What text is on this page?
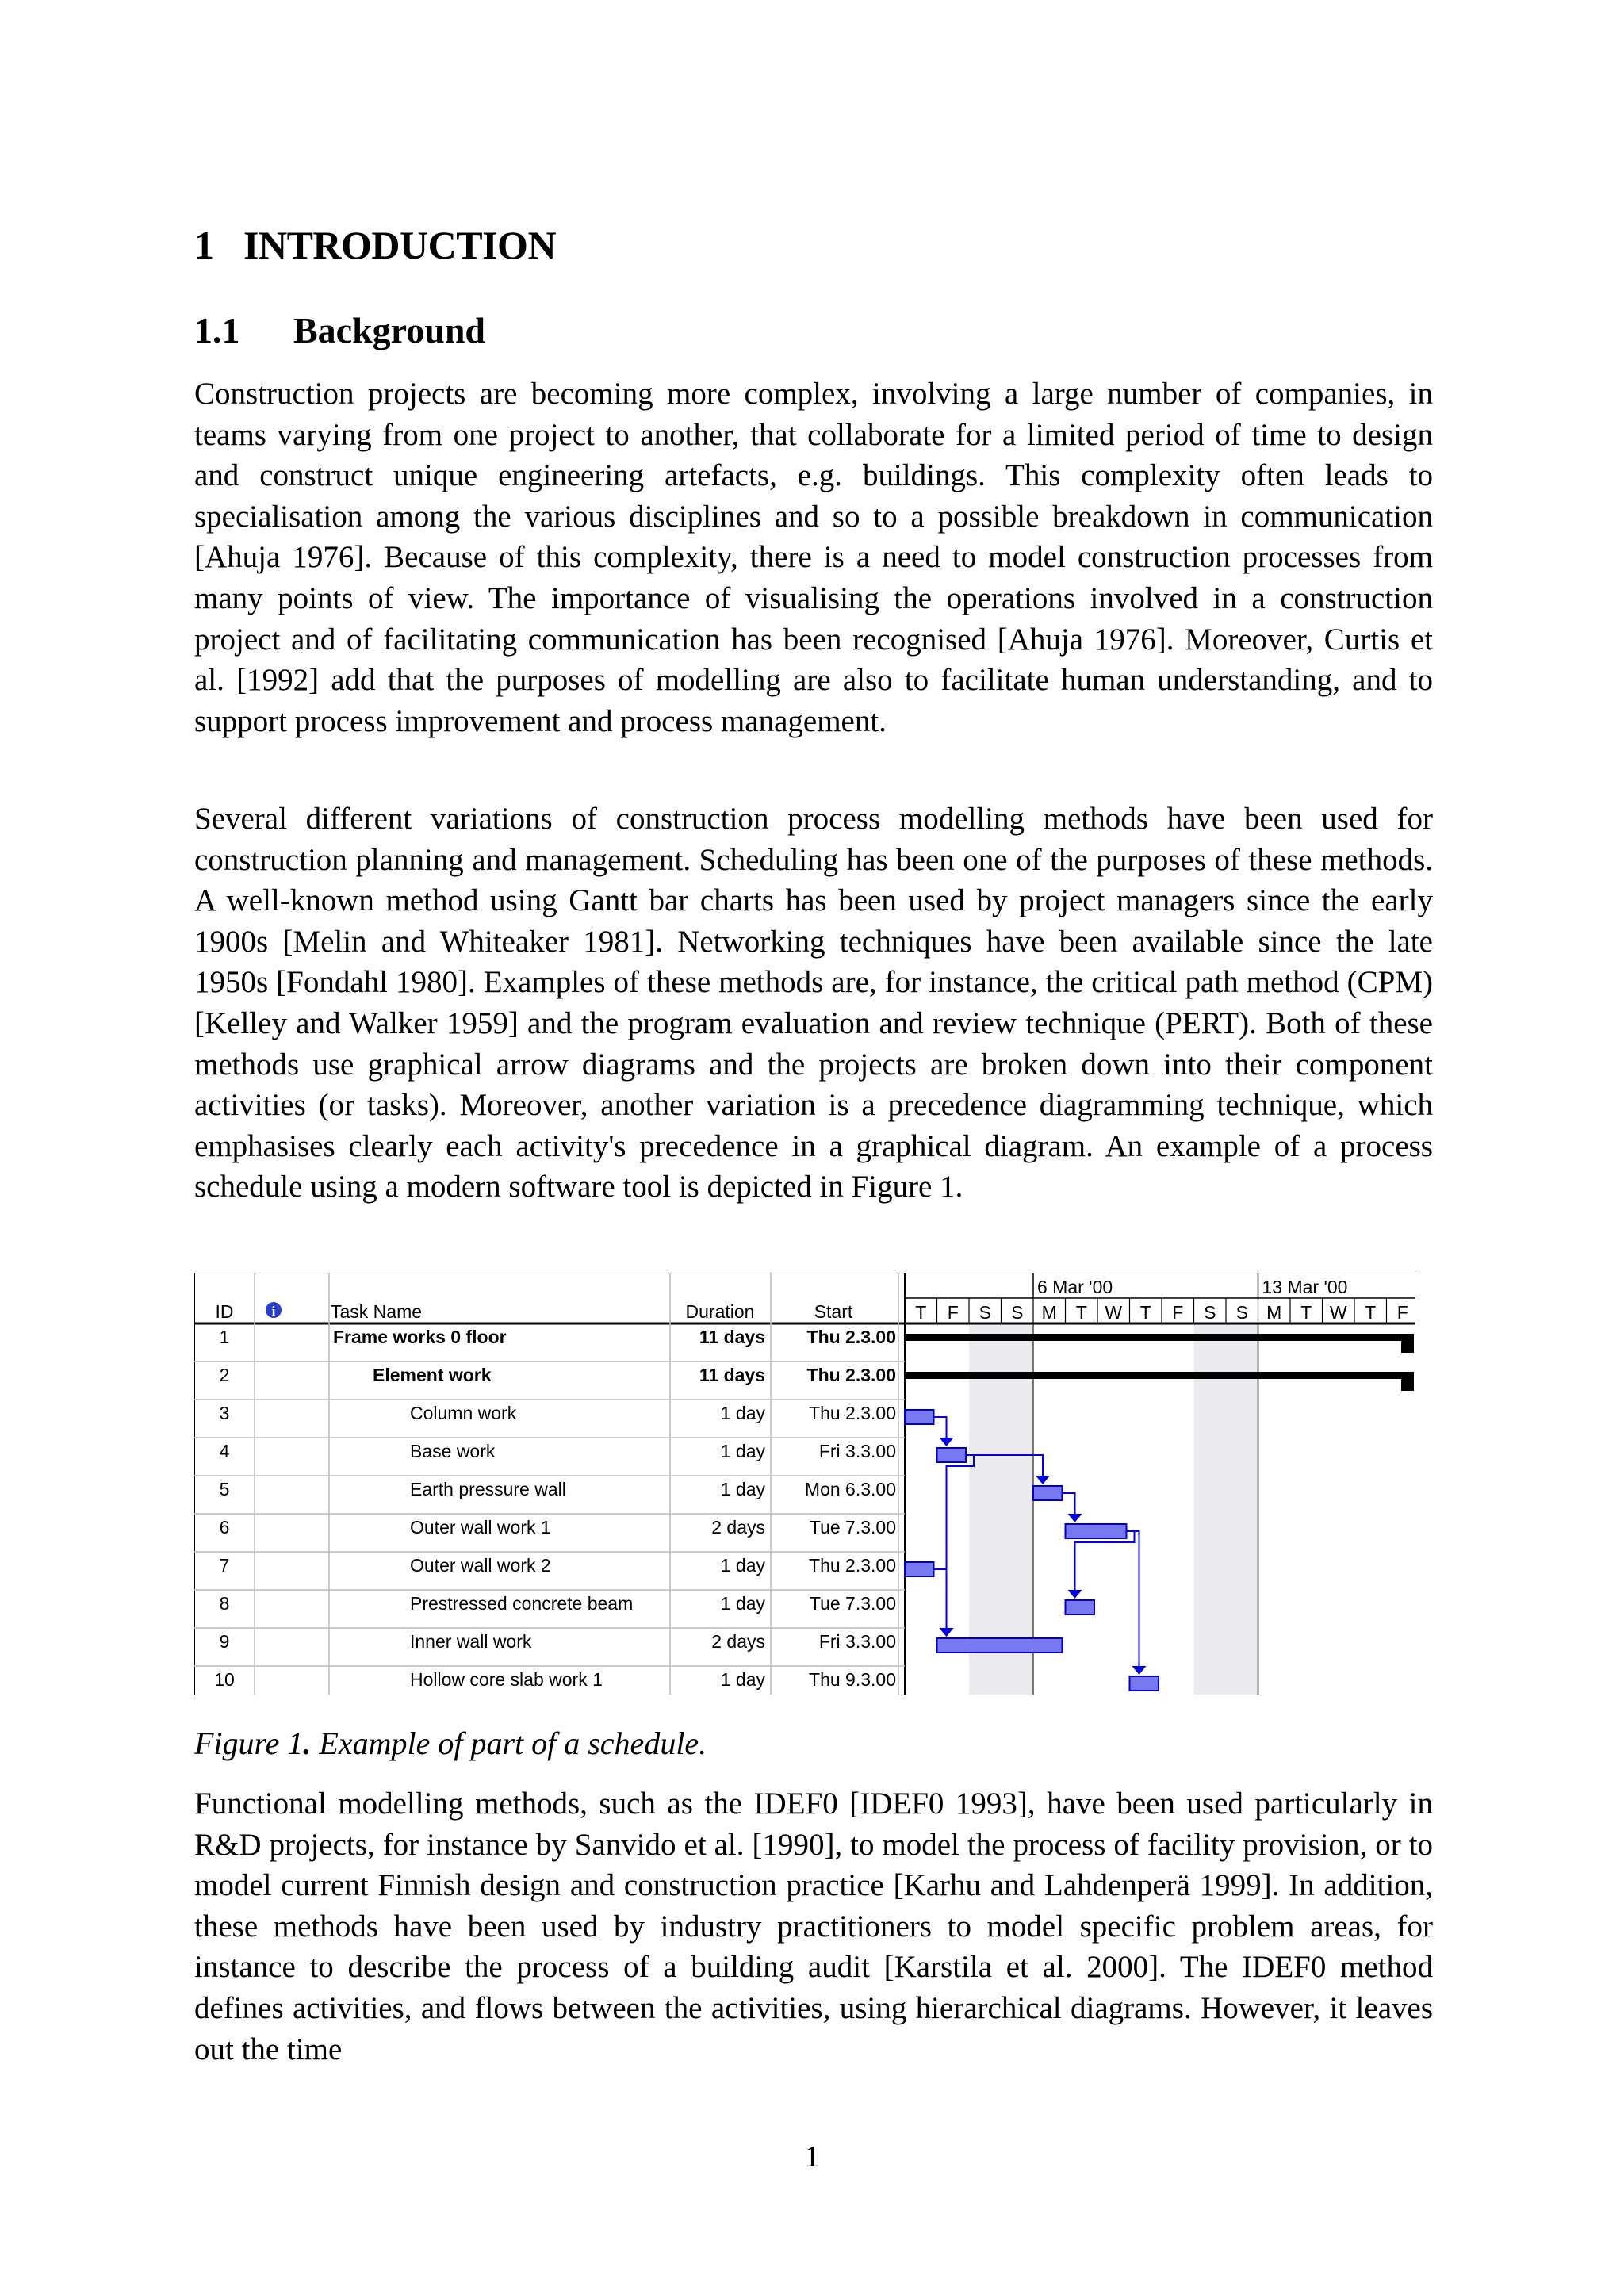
1 INTRODUCTION
1.1 Background

Construction projects are becoming more complex, involving a large number of companies, in teams varying from one project to another, that collaborate for a limited period of time to design and construct unique engineering artefacts, e.g. buildings. This complexity often leads to specialisation among the various disciplines and so to a possible breakdown in communication [Ahuja 1976]. Because of this complexity, there is a need to model construction processes from many points of view. The importance of visualising the operations involved in a construction project and of facilitating communication has been recognised [Ahuja 1976]. Moreover, Curtis et al. [1992] add that the purposes of modelling are also to facilitate human understanding, and to support process improvement and process management.

Several different variations of construction process modelling methods have been used for construction planning and management. Scheduling has been one of the purposes of these methods. A well-known method using Gantt bar charts has been used by project managers since the early 1900s [Melin and Whiteaker 1981]. Networking techniques have been available since the late 1950s [Fondahl 1980]. Examples of these methods are, for instance, the critical path method (CPM) [Kelley and Walker 1959] and the program evaluation and review technique (PERT). Both of these methods use graphical arrow diagrams and the projects are broken down into their component activities (or tasks). Moreover, another variation is a precedence diagramming technique, which emphasises clearly each activity's precedence in a graphical diagram. An example of a process schedule using a modern software tool is depicted in Figure 1.

ID	i	Task Name	Duration	Start
6 Mar '00	13 Mar '00
T F S S M T W T F S S M T W T F
1	Frame works 0 floor	11 days Thu 2.3.00
2	Element work	11 days Thu 2.3.00
3	Column work	1 day Thu 2.3.00
4	Base work	1 day	Fri 3.3.00
5	Earth pressure wall	1 day Mon 6.3.00
6	Outer wall work 1	2 days Tue 7.3.00
7	Outer wall work 2	1 day Thu 2.3.00
8	Prestressed concrete beam	1 day Tue 7.3.00
9	Inner wall work	2 days	Fri 3.3.00
10	Hollow core slab work 1	1 day Thu 9.3.00

Figure 1. Example of part of a schedule.

Functional modelling methods, such as the IDEF0 [IDEF0 1993], have been used particularly in R&D projects, for instance by Sanvido et al. [1990], to model the process of facility provision, or to model current Finnish design and construction practice [Karhu and Lahdenperä 1999]. In addition, these methods have been used by industry practitioners to model specific problem areas, for instance to describe the process of a building audit [Karstila et al. 2000]. The IDEF0 method defines activities, and flows between the activities, using hierarchical diagrams. However, it leaves out the time

1
